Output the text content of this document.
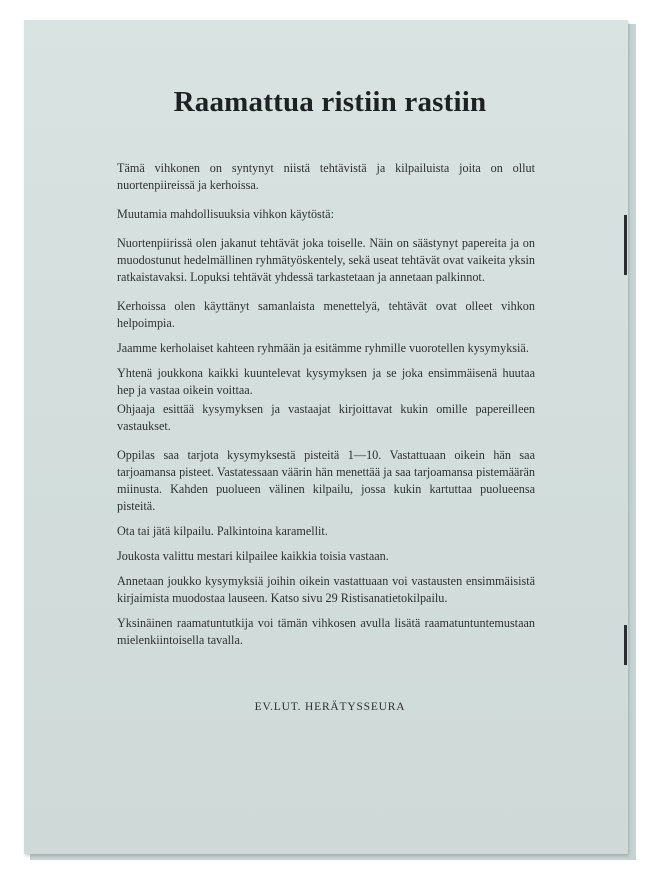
Raamattua ristiin rastiin

Tämä vihkonen on syntynyt niistä tehtävistä ja kilpailuista joita on ollut nuortenpiireissä ja kerhoissa.

Muutamia mahdollisuuksia vihkon käytöstä:

Nuortenpiirissä olen jakanut tehtävät joka toiselle. Näin on säästynyt papereita ja on muodostunut hedelmällinen ryhmätyöskentely, sekä useat tehtävät ovat vaikeita yksin ratkaistavaksi. Lopuksi tehtävät yhdessä tarkastetaan ja annetaan palkinnot.

Kerhoissa olen käyttänyt samanlaista menettelyä, tehtävät ovat olleet vihkon helpoimpia.

Jaamme kerholaiset kahteen ryhmään ja esitämme ryhmille vuorotellen kysymyksiä.

Yhtenä joukkona kaikki kuuntelevat kysymyksen ja se joka ensimmäisenä huutaa hep ja vastaa oikein voittaa.

Ohjaaja esittää kysymyksen ja vastaajat kirjoittavat kukin omille papereilleen vastaukset.

Oppilas saa tarjota kysymyksestä pisteitä 1—10. Vastattuaan oikein hän saa tarjoamansa pisteet. Vastatessaan väärin hän menettää ja saa tarjoamansa pistemäärän miinusta. Kahden puolueen välinen kilpailu, jossa kukin kartuttaa puolueensa pisteitä.

Ota tai jätä kilpailu. Palkintoina karamellit.

Joukosta valittu mestari kilpailee kaikkia toisia vastaan.

Annetaan joukko kysymyksiä joihin oikein vastattuaan voi vastausten ensimmäisistä kirjaimista muodostaa lauseen. Katso sivu 29 Ristisanatietokilpailu.

Yksinäinen raamatuntutkija voi tämän vihkosen avulla lisätä raamatuntuntemustaan mielenkiintoisella tavalla.

EV.LUT. HERÄTYSSEURA
